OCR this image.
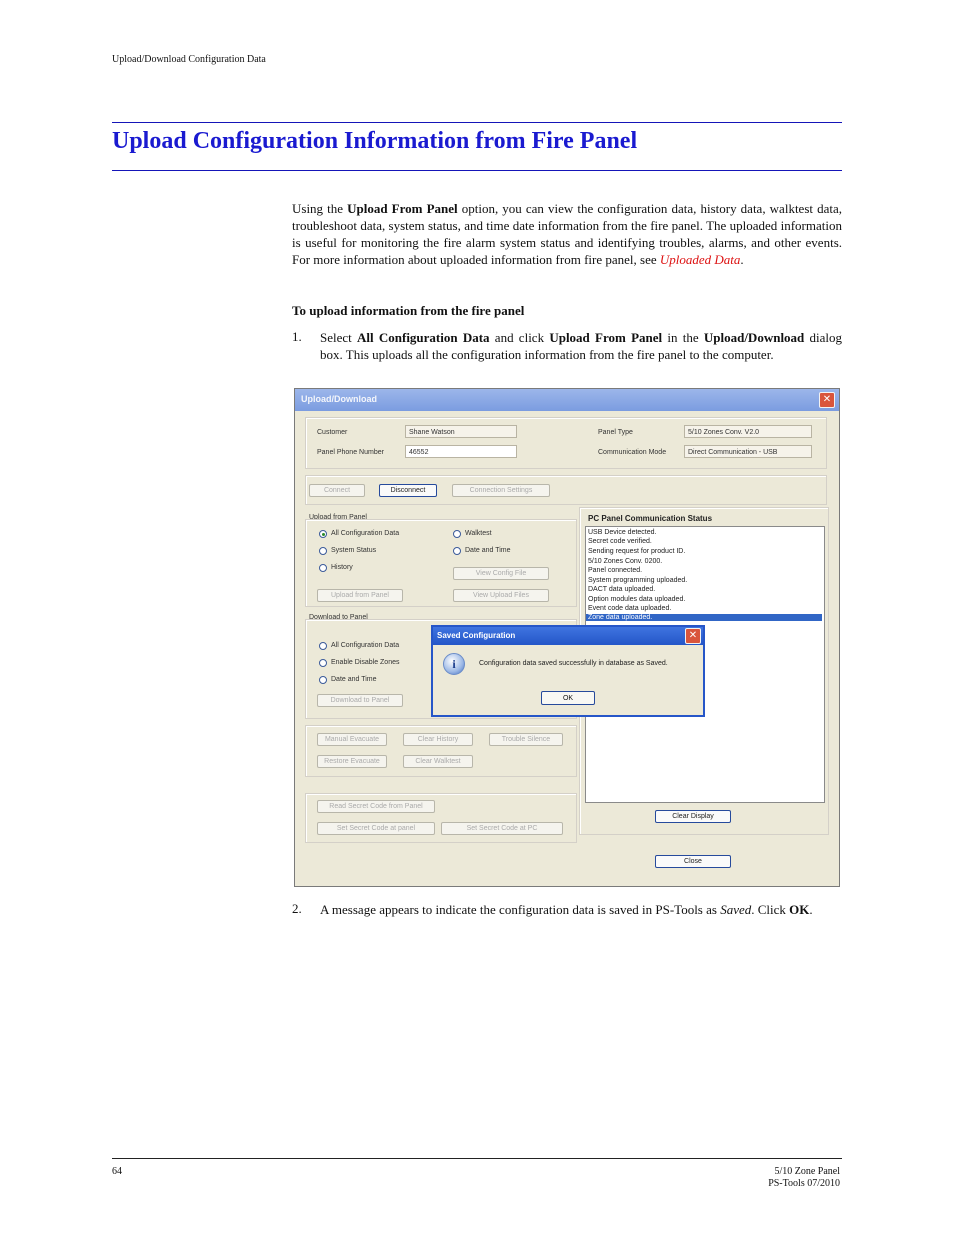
Upload/Download Configuration Data
Upload Configuration Information from Fire Panel
Using the Upload From Panel option, you can view the configuration data, history data, walktest data, troubleshoot data, system status, and time date information from the fire panel. The uploaded information is useful for monitoring the fire alarm system status and identifying troubles, alarms, and other events. For more information about uploaded information from fire panel, see Uploaded Data.
To upload information from the fire panel
1. Select All Configuration Data and click Upload From Panel in the Upload/Download dialog box. This uploads all the configuration information from the fire panel to the computer.
Upload/Download	✕
Customer	Shane Watson
Panel Phone Number	46552
Panel Type	5/10 Zones Conv. V2.0
Communication Mode	Direct Communication - USB
Connect	Disconnect	Connection Settings
Upload from Panel
All Configuration Data
System Status
History
Walktest
Date and Time
View Config File
Upload from Panel	View Upload Files
Download to Panel
All Configuration Data
Enable Disable Zones
Date and Time
Download to Panel
Manual Evacuate	Clear History	Trouble Silence
Restore Evacuate	Clear Walktest
Read Secret Code from Panel
Set Secret Code at panel	Set Secret Code at PC
PC Panel Communication Status
USB Device detected.
Secret code verified.
Sending request for product ID.
5/10 Zones Conv. 0200.
Panel connected.
System programming uploaded.
DACT data uploaded.
Option modules data uploaded.
Event code data uploaded.
Zone data uploaded.
Clear Display
Close
Saved Configuration	✕
i	Configuration data saved successfully in database as Saved.
OK
2. A message appears to indicate the configuration data is saved in PS-Tools as Saved. Click OK.
64	5/10 Zone Panel
PS-Tools 07/2010
